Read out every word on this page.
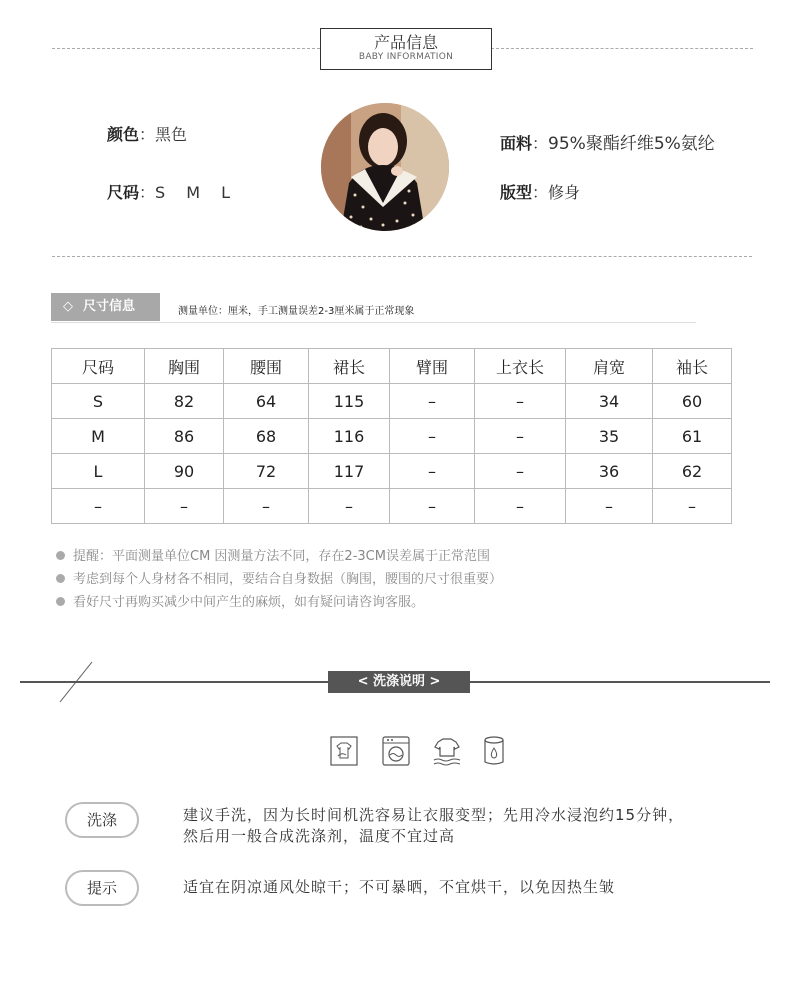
产品信息
BABY INFORMATION
颜色：黑色
尺码：S M L
面料：95%聚酯纤维5%氨纶
版型：修身
◇ 尺寸信息	测量单位：厘米，手工测量误差2-3厘米属于正常现象
尺码	胸围	腰围	裙长	臂围	上衣长	肩宽	袖长
S	82	64	115	–	–	34	60
M	86	68	116	–	–	35	61
L	90	72	117	–	–	36	62
–	–	–	–	–	–	–	–
提醒：平面测量单位CM 因测量方法不同，存在2-3CM误差属于正常范围
考虑到每个人身材各不相同，要结合自身数据（胸围，腰围的尺寸很重要）
看好尺寸再购买减少中间产生的麻烦，如有疑问请咨询客服。
< 洗涤说明 >
洗涤	建议手洗，因为长时间机洗容易让衣服变型；先用冷水浸泡约15分钟，
然后用一般合成洗涤剂，温度不宜过高
提示	适宜在阴凉通风处晾干；不可暴晒，不宜烘干，以免因热生皱
